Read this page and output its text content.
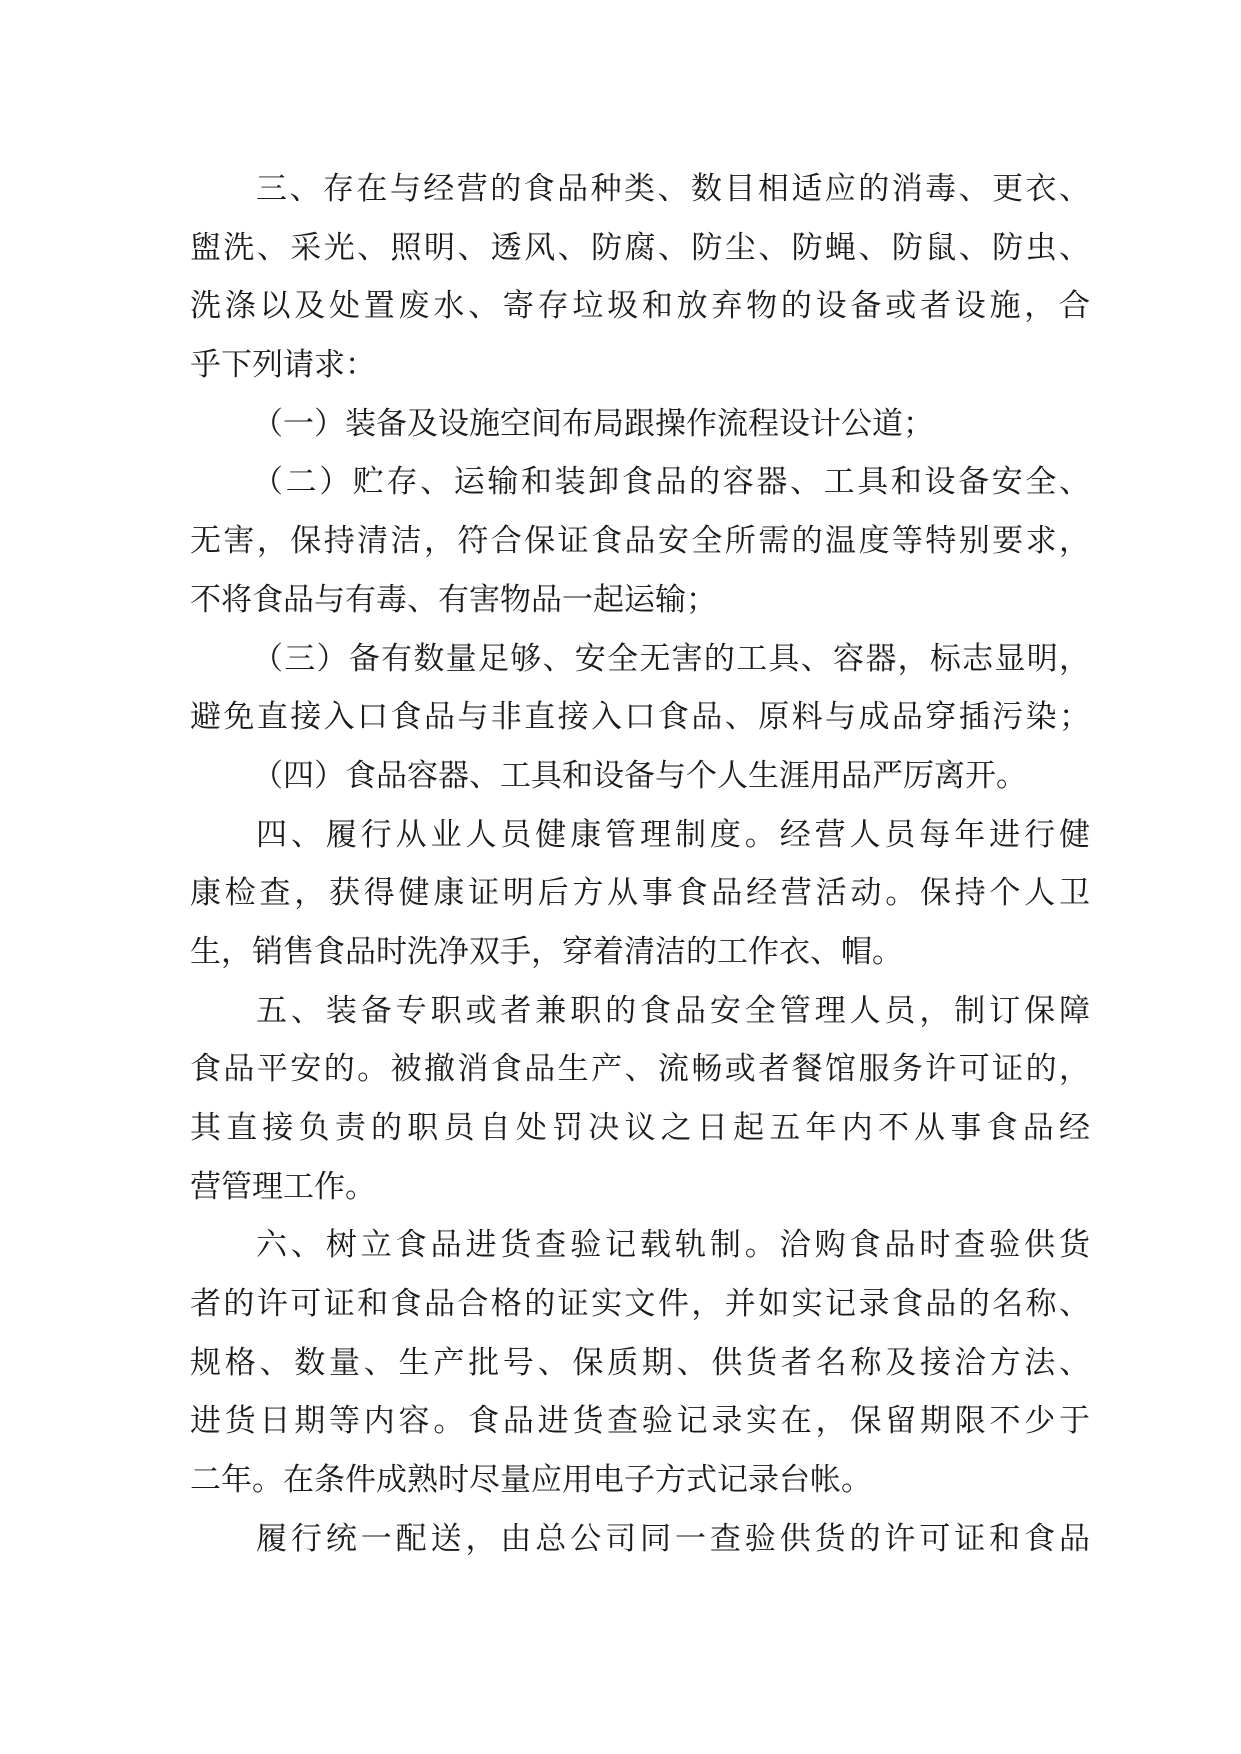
三、存在与经营的食品种类、数目相适应的消毒、更衣、
盥洗、采光、照明、透风、防腐、防尘、防蝇、防鼠、防虫、
洗涤以及处置废水、寄存垃圾和放弃物的设备或者设施，合
乎下列请求：
（一）装备及设施空间布局跟操作流程设计公道；
（二）贮存、运输和装卸食品的容器、工具和设备安全、
无害，保持清洁，符合保证食品安全所需的温度等特别要求，
不将食品与有毒、有害物品一起运输；
（三）备有数量足够、安全无害的工具、容器，标志显明，
避免直接入口食品与非直接入口食品、原料与成品穿插污染；
（四）食品容器、工具和设备与个人生涯用品严厉离开。
四、履行从业人员健康管理制度。经营人员每年进行健
康检查，获得健康证明后方从事食品经营活动。保持个人卫
生，销售食品时洗净双手，穿着清洁的工作衣、帽。
五、装备专职或者兼职的食品安全管理人员，制订保障
食品平安的。被撤消食品生产、流畅或者餐馆服务许可证的，
其直接负责的职员自处罚决议之日起五年内不从事食品经
营管理工作。
六、树立食品进货查验记载轨制。洽购食品时查验供货
者的许可证和食品合格的证实文件，并如实记录食品的名称、
规格、数量、生产批号、保质期、供货者名称及接洽方法、
进货日期等内容。食品进货查验记录实在，保留期限不少于
二年。在条件成熟时尽量应用电子方式记录台帐。
履行统一配送，由总公司同一查验供货的许可证和食品
